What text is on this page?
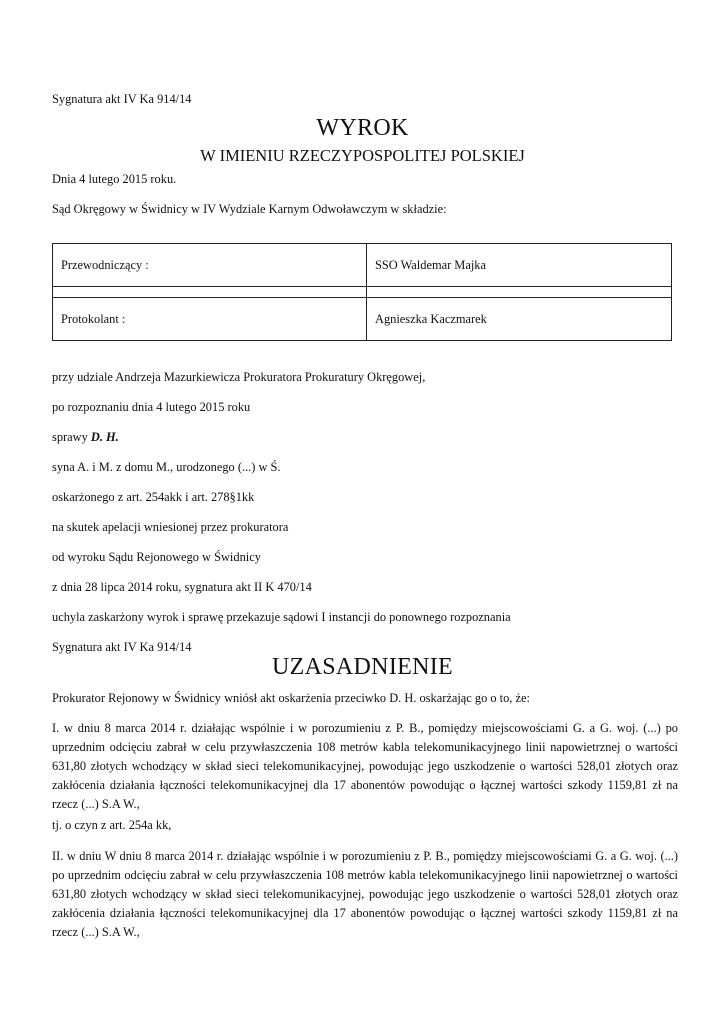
Sygnatura akt IV Ka 914/14

WYROK

W IMIENIU RZECZYPOSPOLITEJ POLSKIEJ

Dnia 4 lutego 2015 roku.

Sąd Okręgowy w Świdnicy w IV Wydziale Karnym Odwoławczym w składzie:

Przewodniczący :	SSO Waldemar Majka

Protokolant :	Agnieszka Kaczmarek

przy udziale Andrzeja Mazurkiewicza Prokuratora Prokuratury Okręgowej,

po rozpoznaniu dnia 4 lutego 2015 roku

sprawy D. H.

syna A. i M. z domu M., urodzonego (...) w Ś.

oskarżonego z art. 254akk i art. 278§1kk

na skutek apelacji wniesionej przez prokuratora

od wyroku Sądu Rejonowego w Świdnicy

z dnia 28 lipca 2014 roku, sygnatura akt II K 470/14

uchyla zaskarżony wyrok i sprawę przekazuje sądowi I instancji do ponownego rozpoznania

Sygnatura akt IV Ka 914/14

UZASADNIENIE

Prokurator Rejonowy w Świdnicy wniósł akt oskarżenia przeciwko D. H. oskarżając go o to, że:

I. w dniu 8 marca 2014 r. działając wspólnie i w porozumieniu z P. B., pomiędzy miejscowościami G. a G. woj. (...) po uprzednim odcięciu zabrał w celu przywłaszczenia 108 metrów kabla telekomunikacyjnego linii napowietrznej o wartości 631,80 złotych wchodzący w skład sieci telekomunikacyjnej, powodując jego uszkodzenie o wartości 528,01 złotych oraz zakłócenia działania łączności telekomunikacyjnej dla 17 abonentów powodując o łącznej wartości szkody 1159,81 zł na rzecz (...) S.A W.,

tj. o czyn z art. 254a kk,

II. w dniu W dniu 8 marca 2014 r. działając wspólnie i w porozumieniu z P. B., pomiędzy miejscowościami G. a G. woj. (...) po uprzednim odcięciu zabrał w celu przywłaszczenia 108 metrów kabla telekomunikacyjnego linii napowietrznej o wartości 631,80 złotych wchodzący w skład sieci telekomunikacyjnej, powodując jego uszkodzenie o wartości 528,01 złotych oraz zakłócenia działania łączności telekomunikacyjnej dla 17 abonentów powodując o łącznej wartości szkody 1159,81 zł na rzecz (...) S.A W.,
